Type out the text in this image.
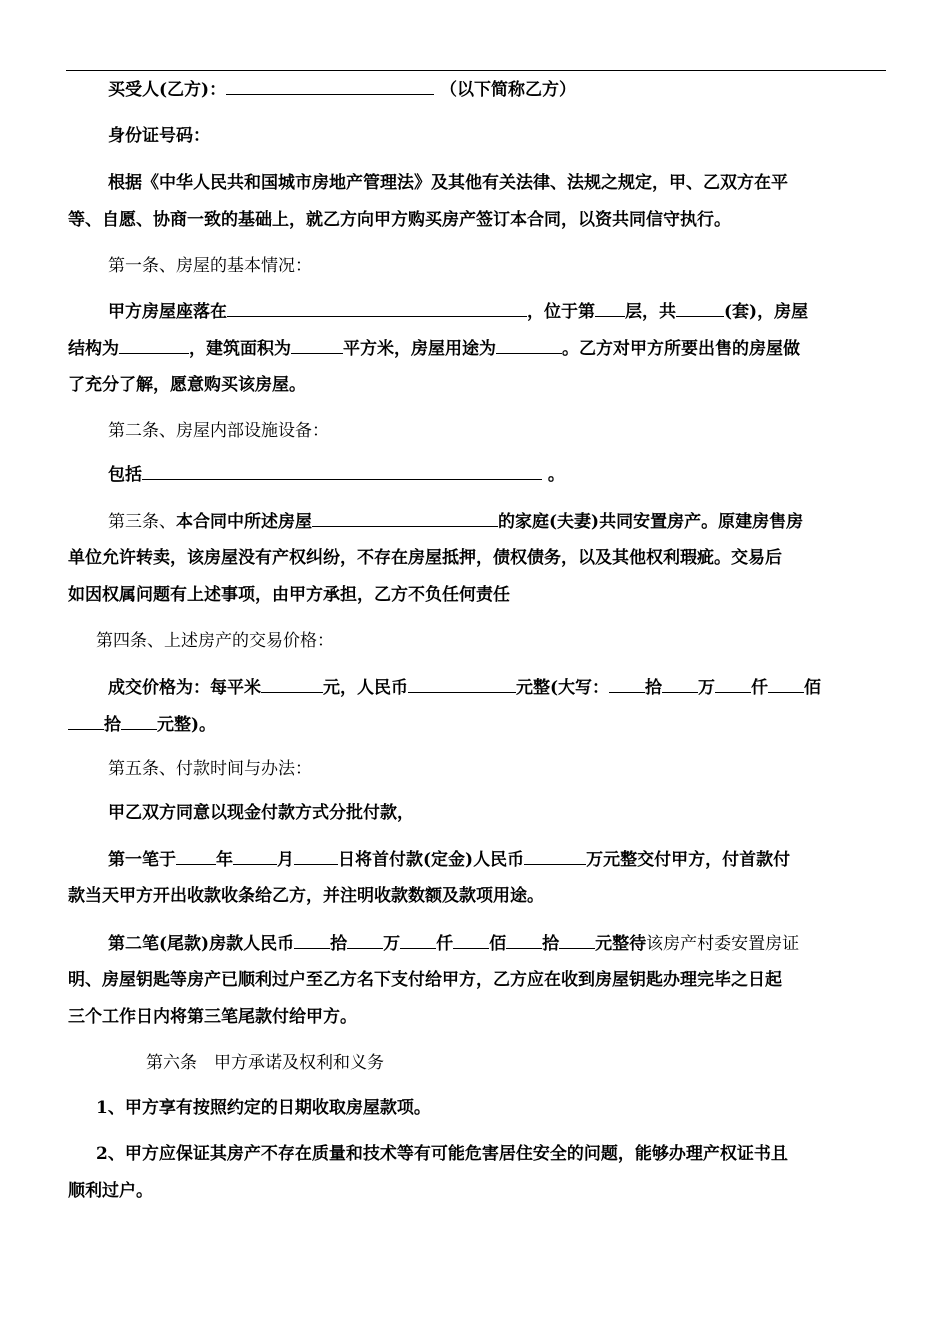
买受人(乙方)：	（以下简称乙方）
身份证号码：
根据《中华人民共和国城市房地产管理法》及其他有关法律、法规之规定，甲、乙双方在平
等、自愿、协商一致的基础上，就乙方向甲方购买房产签订本合同，以资共同信守执行。
第一条、房屋的基本情况：
甲方房屋座落在	，位于第 层，共	(套)，房屋
结构为	，建筑面积为	平方米，房屋用途为	。乙方对甲方所要出售的房屋做
了充分了解，愿意购买该房屋。
第二条、房屋内部设施设备：
包括	。
第三条、本合同中所述房屋	的家庭(夫妻)共同安置房产。原建房售房
单位允许转卖，该房屋没有产权纠纷，不存在房屋抵押，债权债务，以及其他权利瑕疵。交易后
如因权属问题有上述事项，由甲方承担，乙方不负任何责任
第四条、上述房产的交易价格：
成交价格为：每平米	元，人民币	元整(大写： 拾 万 仟 佰
拾 元整)。
第五条、付款时间与办法：
甲乙双方同意以现金付款方式分批付款，
第一笔于 年	月	日将首付款(定金)人民币	万元整交付甲方，付首款付
款当天甲方开出收款收条给乙方，并注明收款数额及款项用途。
第二笔(尾款)房款人民币 拾 万 仟 佰 拾 元整待该房产村委安置房证
明、房屋钥匙等房产已顺利过户至乙方名下支付给甲方，乙方应在收到房屋钥匙办理完毕之日起
三个工作日内将第三笔尾款付给甲方。
第六条　甲方承诺及权利和义务
1、甲方享有按照约定的日期收取房屋款项。
2、甲方应保证其房产不存在质量和技术等有可能危害居住安全的问题，能够办理产权证书且
顺利过户。
